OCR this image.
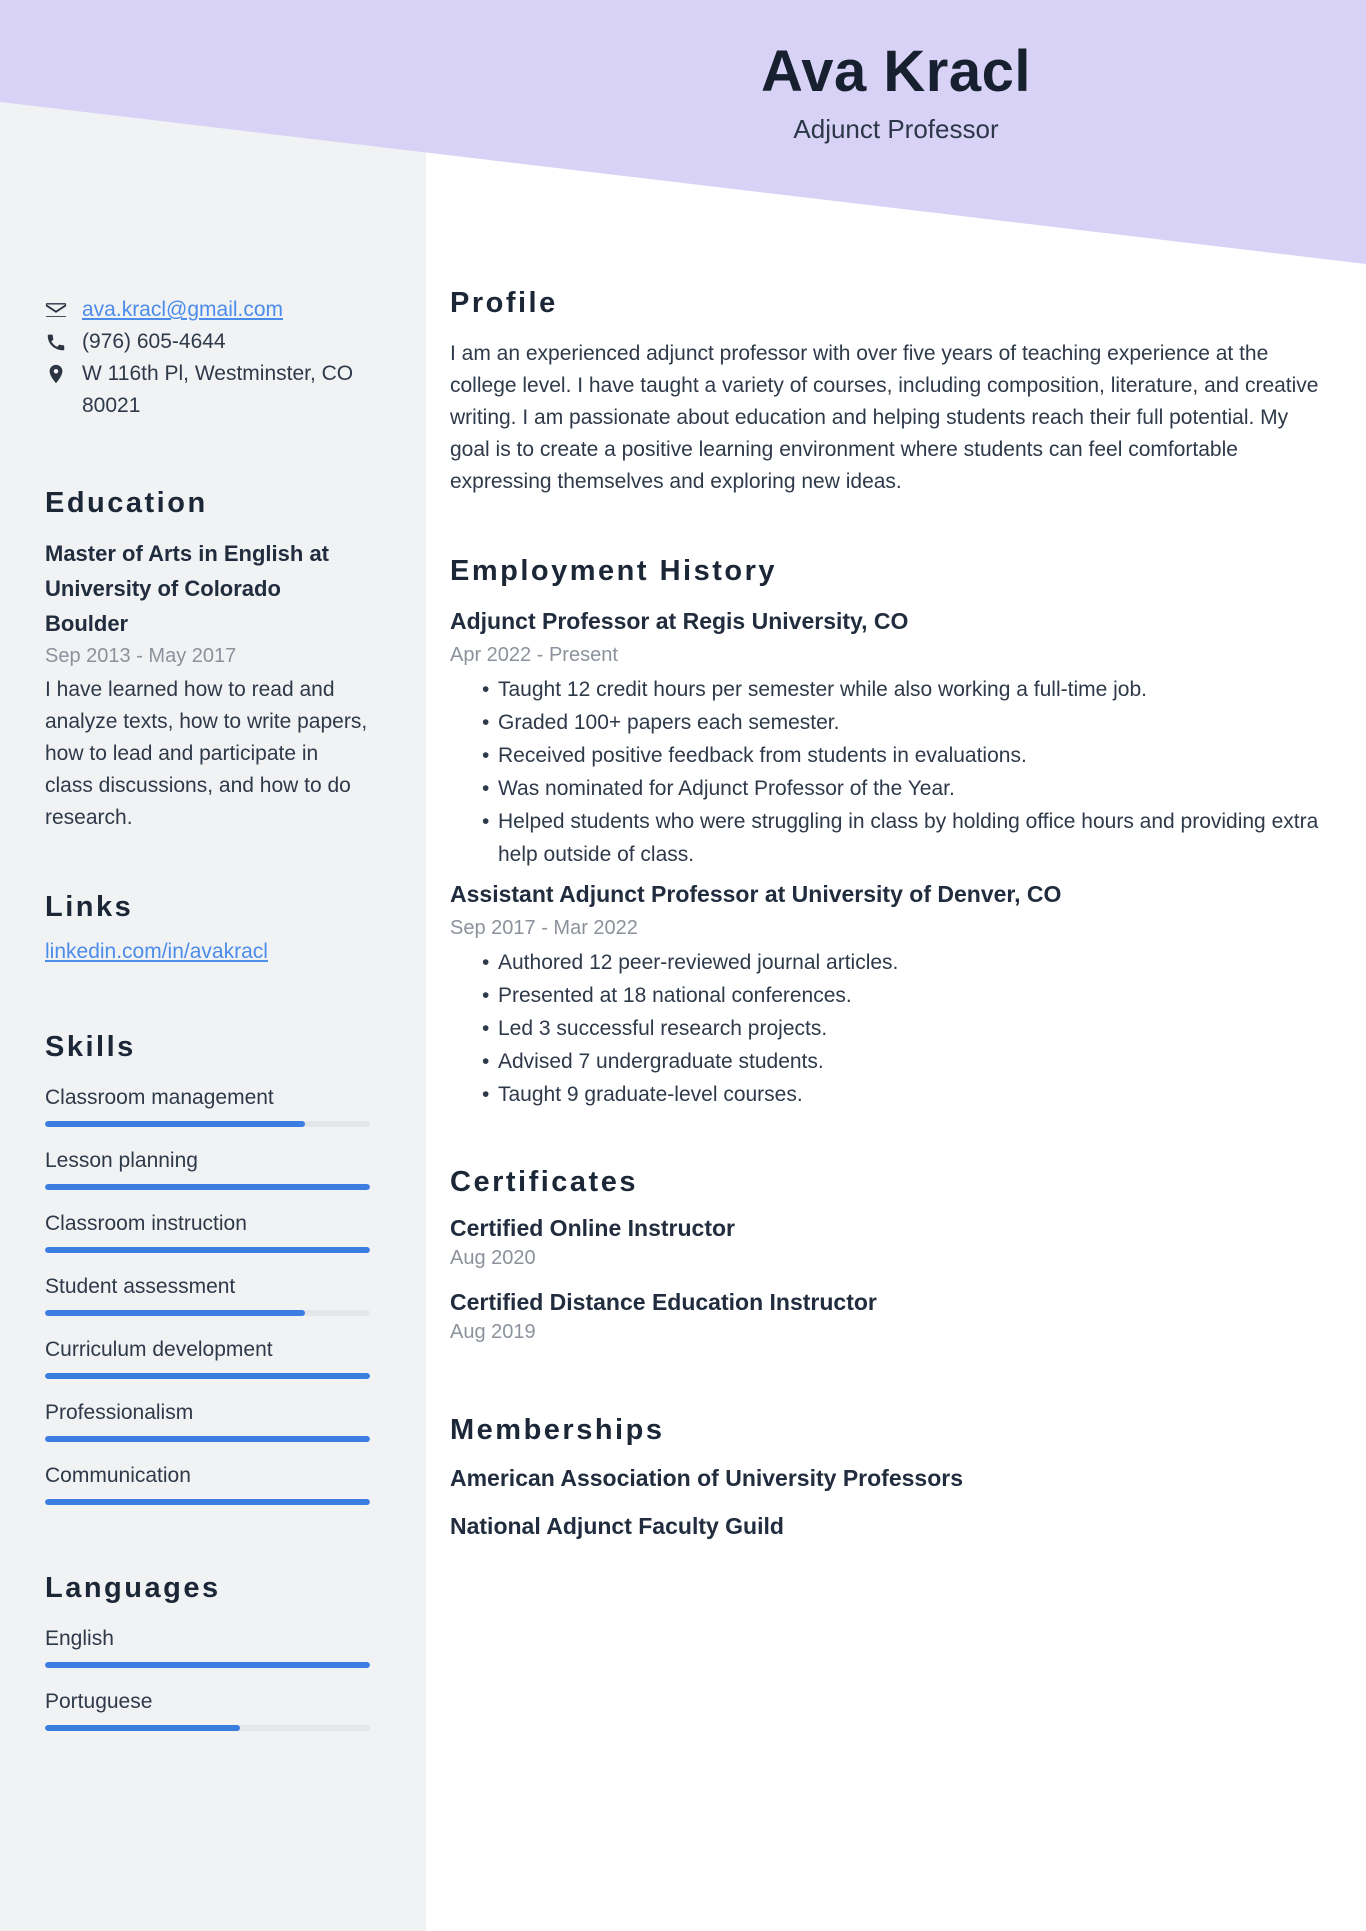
Ava Kracl
Adjunct Professor
ava.kracl@gmail.com
(976) 605-4644
W 116th Pl, Westminster, CO 80021
Education
Master of Arts in English at University of Colorado Boulder
Sep 2013 - May 2017

I have learned how to read and analyze texts, how to write papers, how to lead and participate in class discussions, and how to do research.

Links
linkedin.com/in/avakracl
Skills
Classroom management
Lesson planning
Classroom instruction
Student assessment
Curriculum development
Professionalism
Communication
Languages
English
Portuguese
Profile

I am an experienced adjunct professor with over five years of teaching experience at the college level. I have taught a variety of courses, including composition, literature, and creative writing. I am passionate about education and helping students reach their full potential. My goal is to create a positive learning environment where students can feel comfortable expressing themselves and exploring new ideas.

Employment History
Adjunct Professor at Regis University, CO
Apr 2022 - Present
• Taught 12 credit hours per semester while also working a full-time job.
• Graded 100+ papers each semester.
• Received positive feedback from students in evaluations.
• Was nominated for Adjunct Professor of the Year.
• Helped students who were struggling in class by holding office hours and providing extra help outside of class.
Assistant Adjunct Professor at University of Denver, CO
Sep 2017 - Mar 2022
• Authored 12 peer-reviewed journal articles.
• Presented at 18 national conferences.
• Led 3 successful research projects.
• Advised 7 undergraduate students.
• Taught 9 graduate-level courses.
Certificates
Certified Online Instructor
Aug 2020
Certified Distance Education Instructor
Aug 2019
Memberships
American Association of University Professors
National Adjunct Faculty Guild
